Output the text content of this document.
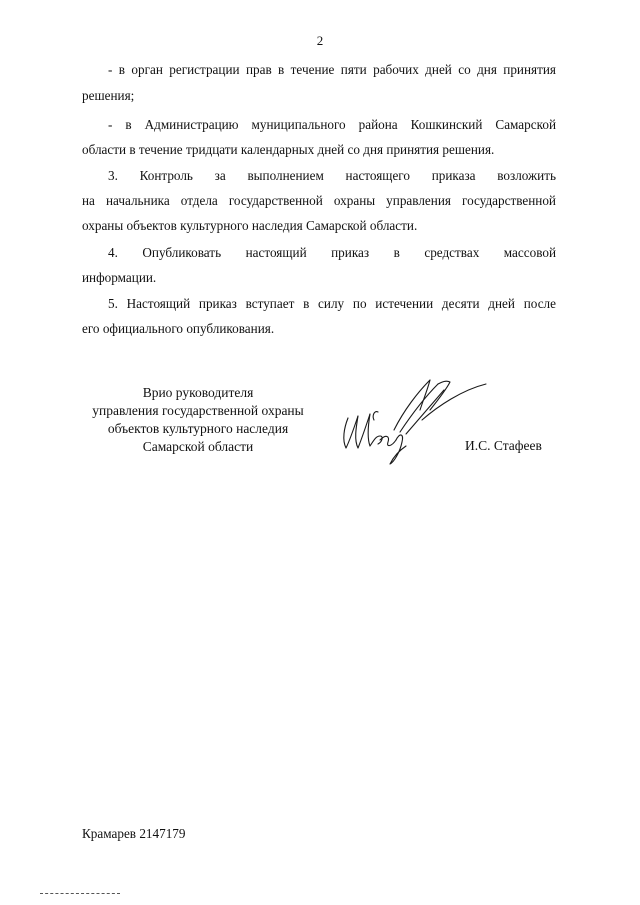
2
- в орган регистрации прав в течение пяти рабочих дней со дня принятия
решения;
- в Администрацию муниципального района Кошкинский Самарской
области в течение тридцати календарных дней со дня принятия решения.
3. Контроль за выполнением настоящего приказа возложить
на начальника отдела государственной охраны управления государственной
охраны объектов культурного наследия Самарской области.
4. Опубликовать настоящий приказ в средствах массовой
информации.
5. Настоящий приказ вступает в силу по истечении десяти дней после
его официального опубликования.
Врио руководителя
управления государственной охраны
объектов культурного наследия
Самарской области	И.С. Стафеев
Крамарев 2147179
